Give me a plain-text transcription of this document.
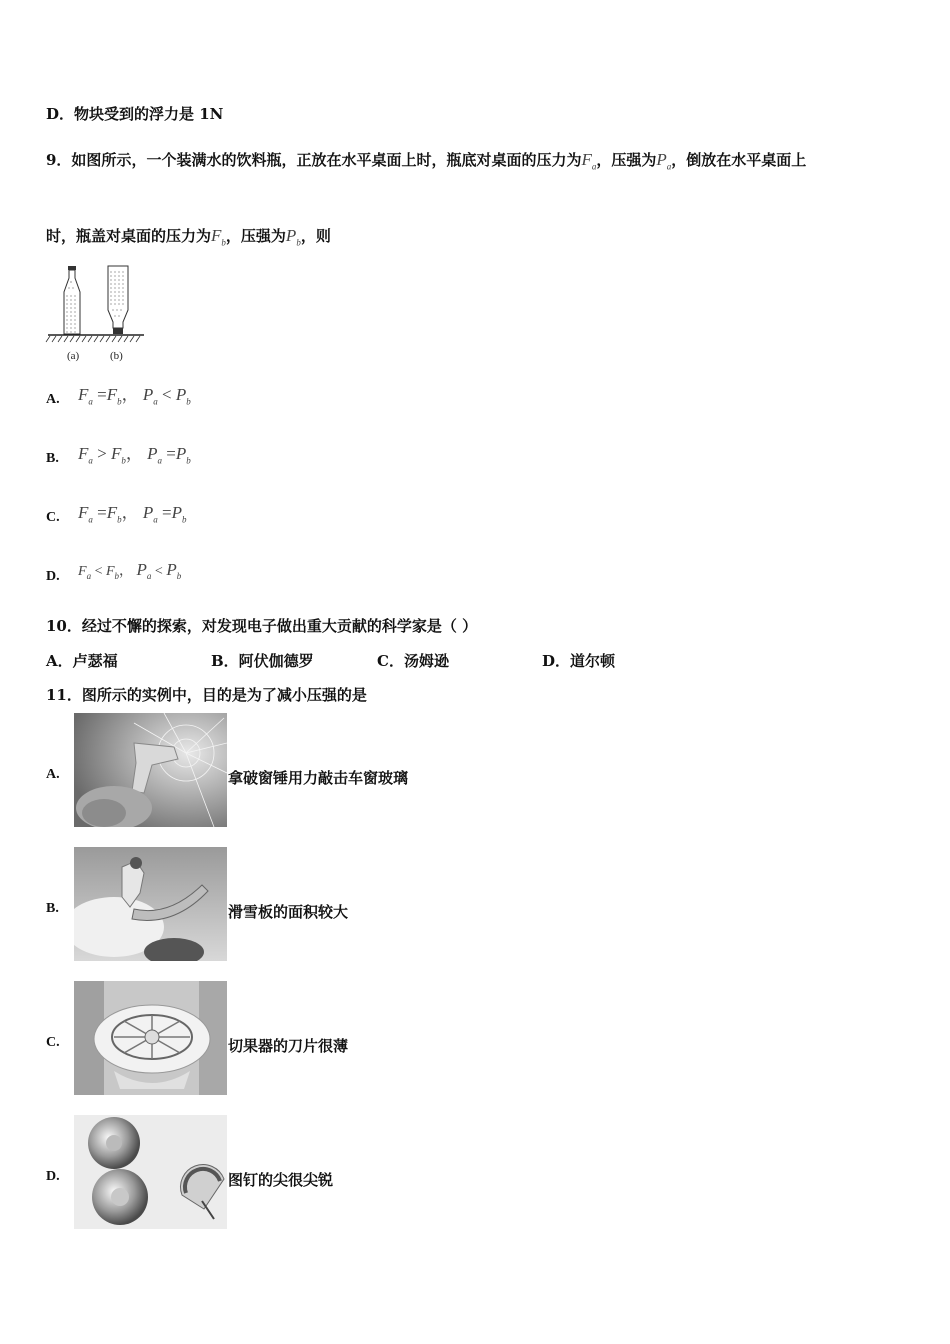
D．物块受到的浮力是 1N
9．如图所示，一个装满水的饮料瓶，正放在水平桌面上时，瓶底对桌面的压力为$F_a$，压强为$P_a$，倒放在水平桌面上
时，瓶盖对桌面的压力为$F_b$，压强为$P_b$，则
(a)	(b)
A. $F_a =F_b$， $P_a < P_b$
B. $F_a > F_b$， $P_a =P_b$
C. $F_a =F_b$， $P_a =P_b$
D. $F_a < F_b$， $P_a < P_b$
10．经过不懈的探索，对发现电子做出重大贡献的科学家是（ ）
A．卢瑟福	B．阿伏伽德罗	C．汤姆逊	D．道尔顿
11．图所示的实例中，目的是为了减小压强的是
A.	拿破窗锤用力敲击车窗玻璃
B.	滑雪板的面积较大
C.	切果器的刀片很薄
D.	图钉的尖很尖锐
